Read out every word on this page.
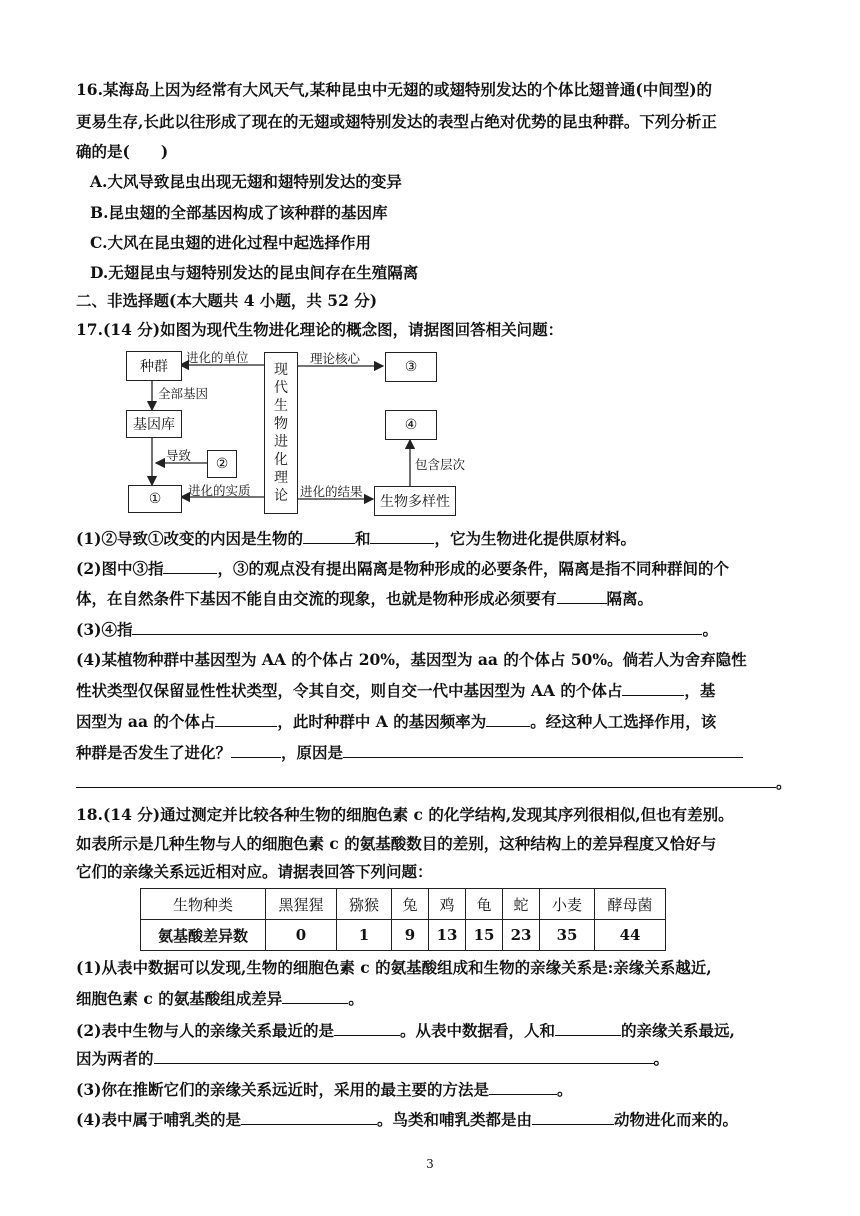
16.某海岛上因为经常有大风天气,某种昆虫中无翅的或翅特别发达的个体比翅普通(中间型)的
更易生存,长此以往形成了现在的无翅或翅特别发达的表型占绝对优势的昆虫种群。下列分析正
确的是(　　)
A.大风导致昆虫出现无翅和翅特别发达的变异
B.昆虫翅的全部基因构成了该种群的基因库
C.大风在昆虫翅的进化过程中起选择作用
D.无翅昆虫与翅特别发达的昆虫间存在生殖隔离
二、非选择题(本大题共 4 小题，共 52 分)
17.(14 分)如图为现代生物进化理论的概念图，请据图回答相关问题：
种群
基因库
①
②
③
④
生物多样性
现
代
生
物
进
化
理
论
进化的单位
全部基因
导致
进化的实质
理论核心
进化的结果
包含层次
(1)②导致①改变的内因是生物的	和	，它为生物进化提供原材料。
(2)图中③指	，③的观点没有提出隔离是物种形成的必要条件，隔离是指不同种群间的个
体，在自然条件下基因不能自由交流的现象，也就是物种形成必须要有	隔离。
(3)④指	。
(4)某植物种群中基因型为 AA 的个体占 20%，基因型为 aa 的个体占 50%。倘若人为舍弃隐性
性状类型仅保留显性性状类型，令其自交，则自交一代中基因型为 AA 的个体占	，基
因型为 aa 的个体占	，此时种群中 A 的基因频率为	。经这种人工选择作用，该
种群是否发生了进化？	，原因是
。
18.(14 分)通过测定并比较各种生物的细胞色素 c 的化学结构,发现其序列很相似,但也有差别。
如表所示是几种生物与人的细胞色素 c 的氨基酸数目的差别，这种结构上的差异程度又恰好与
它们的亲缘关系远近相对应。请据表回答下列问题：
生物种类	黑猩猩	猕猴	兔	鸡	龟	蛇	小麦	酵母菌
氨基酸差异数	0	1	9	13	15	23	35	44
(1)从表中数据可以发现,生物的细胞色素 c 的氨基酸组成和生物的亲缘关系是:亲缘关系越近,
细胞色素 c 的氨基酸组成差异	。
(2)表中生物与人的亲缘关系最近的是	。从表中数据看，人和	的亲缘关系最远,
因为两者的	。
(3)你在推断它们的亲缘关系远近时，采用的最主要的方法是	。
(4)表中属于哺乳类的是	。鸟类和哺乳类都是由	动物进化而来的。
3
